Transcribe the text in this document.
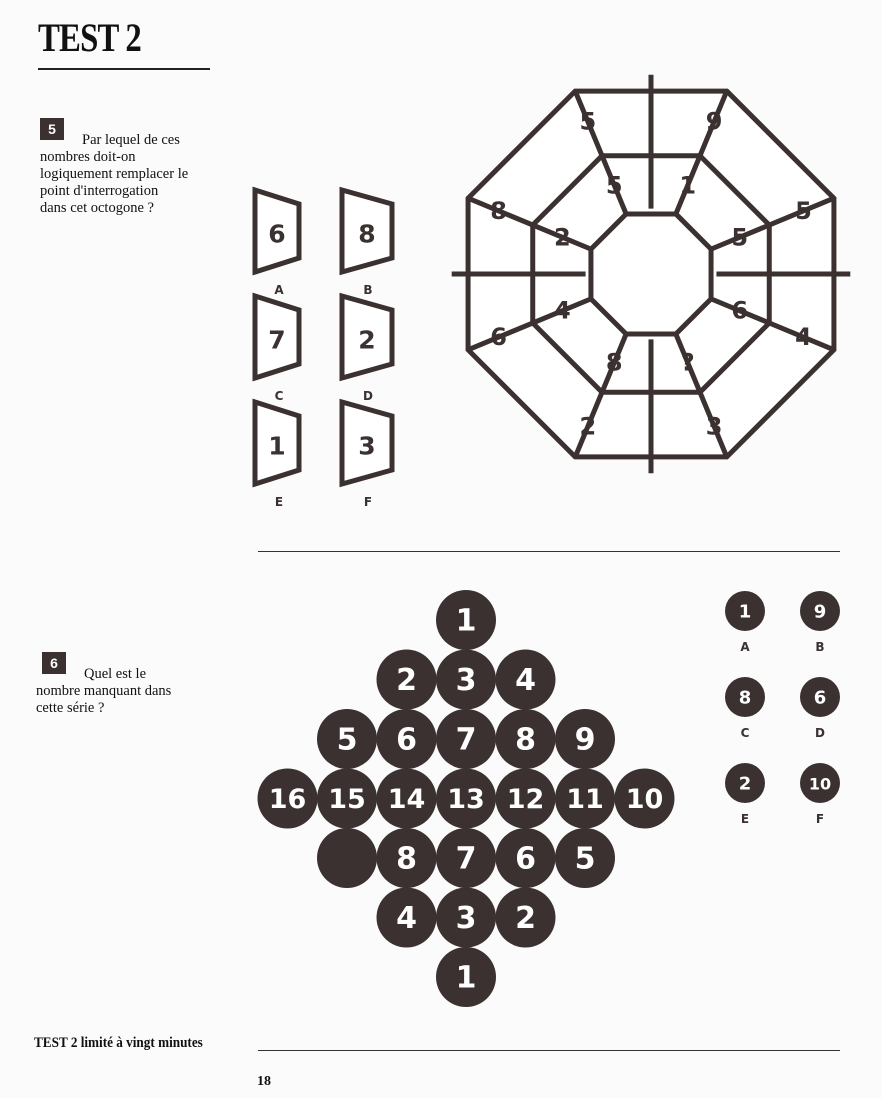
TEST 2
5
Par lequel de ces
nombres doit-on
logiquement remplacer le
point d'interrogation
dans cet octogone ?
6
A
8
B
7
C
2
D
1
E
3
F
9
5
4
3
2
6
8
5
1
5
6
?
8
4
2
5
6
Quel est le
nombre manquant dans
cette série ?
1
2 3 4
5 6 7 8 9
16 15 14 13 12 11 10
8 7 6 5
4 3 2
1
1
A
9
B
8
C
6
D
2
E
10
F
TEST 2 limité à vingt minutes
18
